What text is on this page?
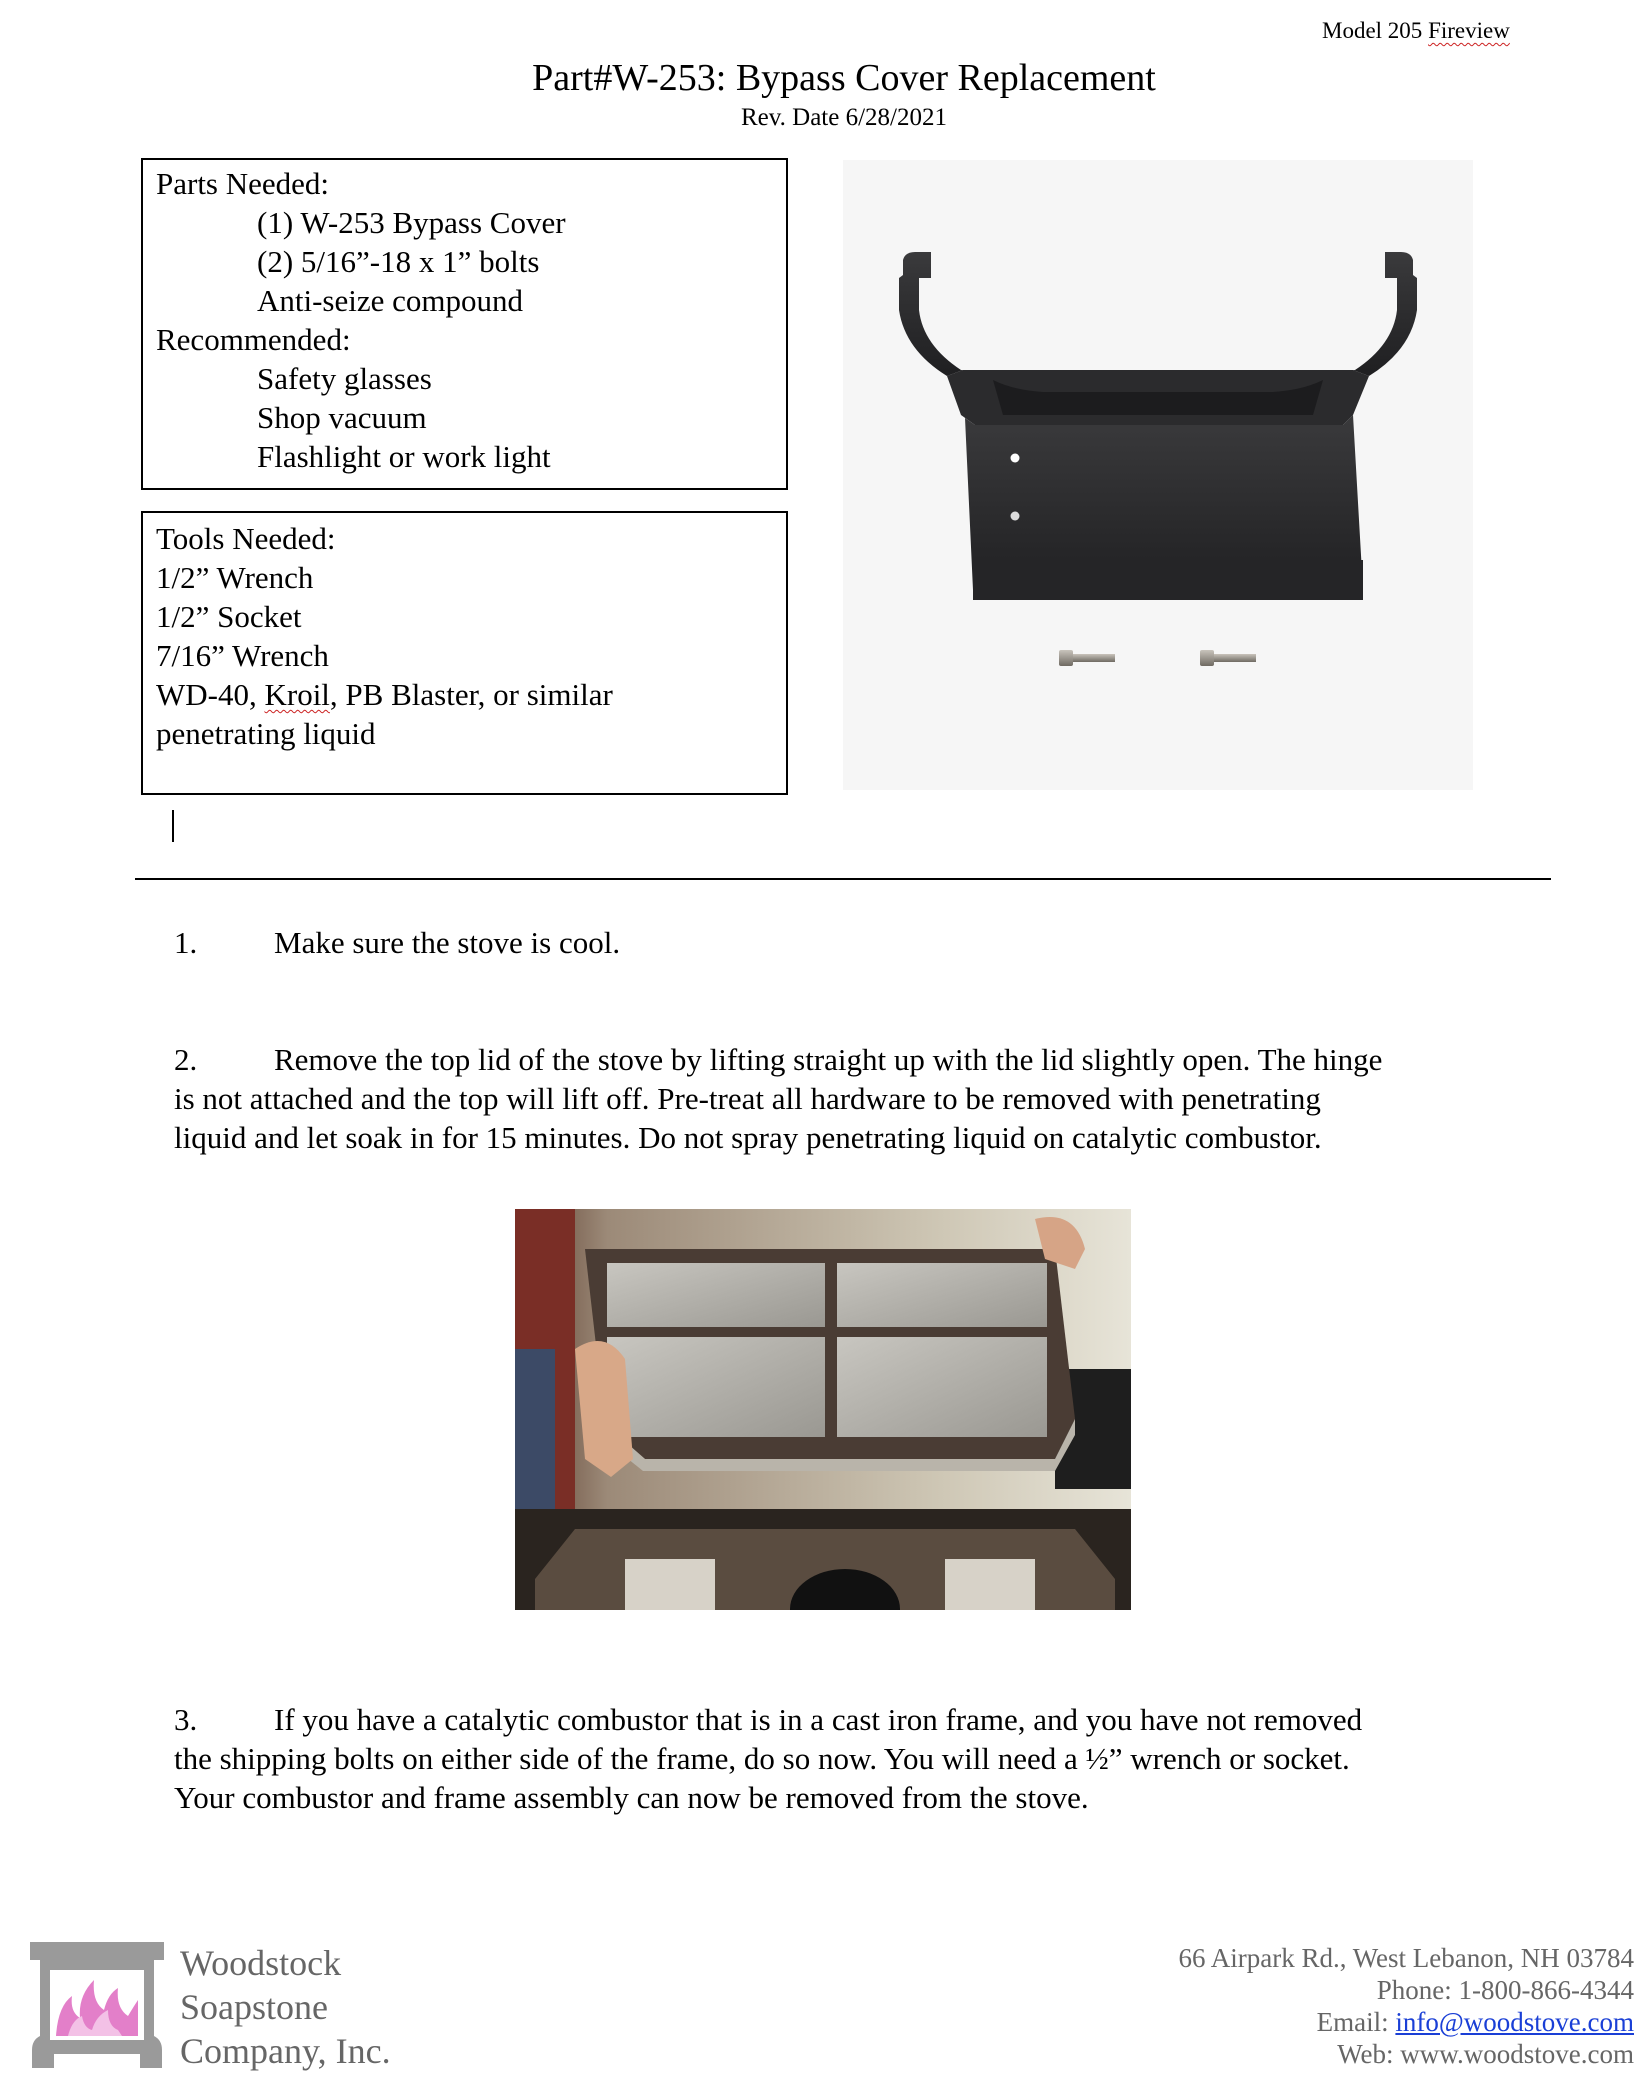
Model 205 Fireview
Part#W-253: Bypass Cover Replacement
Rev. Date 6/28/2021
Parts Needed:
(1) W-253 Bypass Cover
(2) 5/16”-18 x 1” bolts
Anti-seize compound
Recommended:
Safety glasses
Shop vacuum
Flashlight or work light
Tools Needed:
1/2” Wrench
1/2” Socket
7/16” Wrench
WD-40, Kroil, PB Blaster, or similar
penetrating liquid
1. Make sure the stove is cool.
2. Remove the top lid of the stove by lifting straight up with the lid slightly open. The hinge
is not attached and the top will lift off. Pre-treat all hardware to be removed with penetrating
liquid and let soak in for 15 minutes. Do not spray penetrating liquid on catalytic combustor.
3. If you have a catalytic combustor that is in a cast iron frame, and you have not removed
the shipping bolts on either side of the frame, do so now. You will need a ½” wrench or socket.
Your combustor and frame assembly can now be removed from the stove.
Woodstock
Soapstone
Company, Inc.
66 Airpark Rd., West Lebanon, NH 03784
Phone: 1-800-866-4344
Email: info@woodstove.com
Web: www.woodstove.com
